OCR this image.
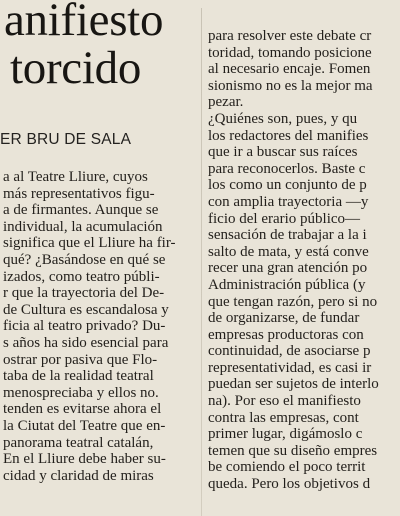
anifiesto
torcido
ER BRU DE SALA
a al Teatre Lliure, cuyos
más representativos figu-
a de firmantes. Aunque se
individual, la acumulación
significa que el Lliure ha fir-
qué? ¿Basándose en qué se
izados, como teatro públi-
r que la trayectoria del De-
de Cultura es escandalosa y
ficia al teatro privado? Du-
s años ha sido esencial para
ostrar por pasiva que Flo-
taba de la realidad teatral
menospreciaba y ellos no.
tenden es evitarse ahora el
la Ciutat del Teatre que en-
panorama teatral catalán,
En el Lliure debe haber su-
cidad y claridad de miras
para resolver este debate cr
toridad, tomando posicione
al necesario encaje. Fomen
sionismo no es la mejor ma
pezar.
¿Quiénes son, pues, y qu
los redactores del manifies
que ir a buscar sus raíces
para reconocerlos. Baste c
los como un conjunto de p
con amplia trayectoria —y
ficio del erario público—
sensación de trabajar a la i
salto de mata, y está conve
recer una gran atención po
Administración pública (y
que tengan razón, pero si no
de organizarse, de fundar
empresas productoras con
continuidad, de asociarse p
representatividad, es casi ir
puedan ser sujetos de interlo
na). Por eso el manifiesto
contra las empresas, cont
primer lugar, digámoslo c
temen que su diseño empres
be comiendo el poco territ
queda. Pero los objetivos d
